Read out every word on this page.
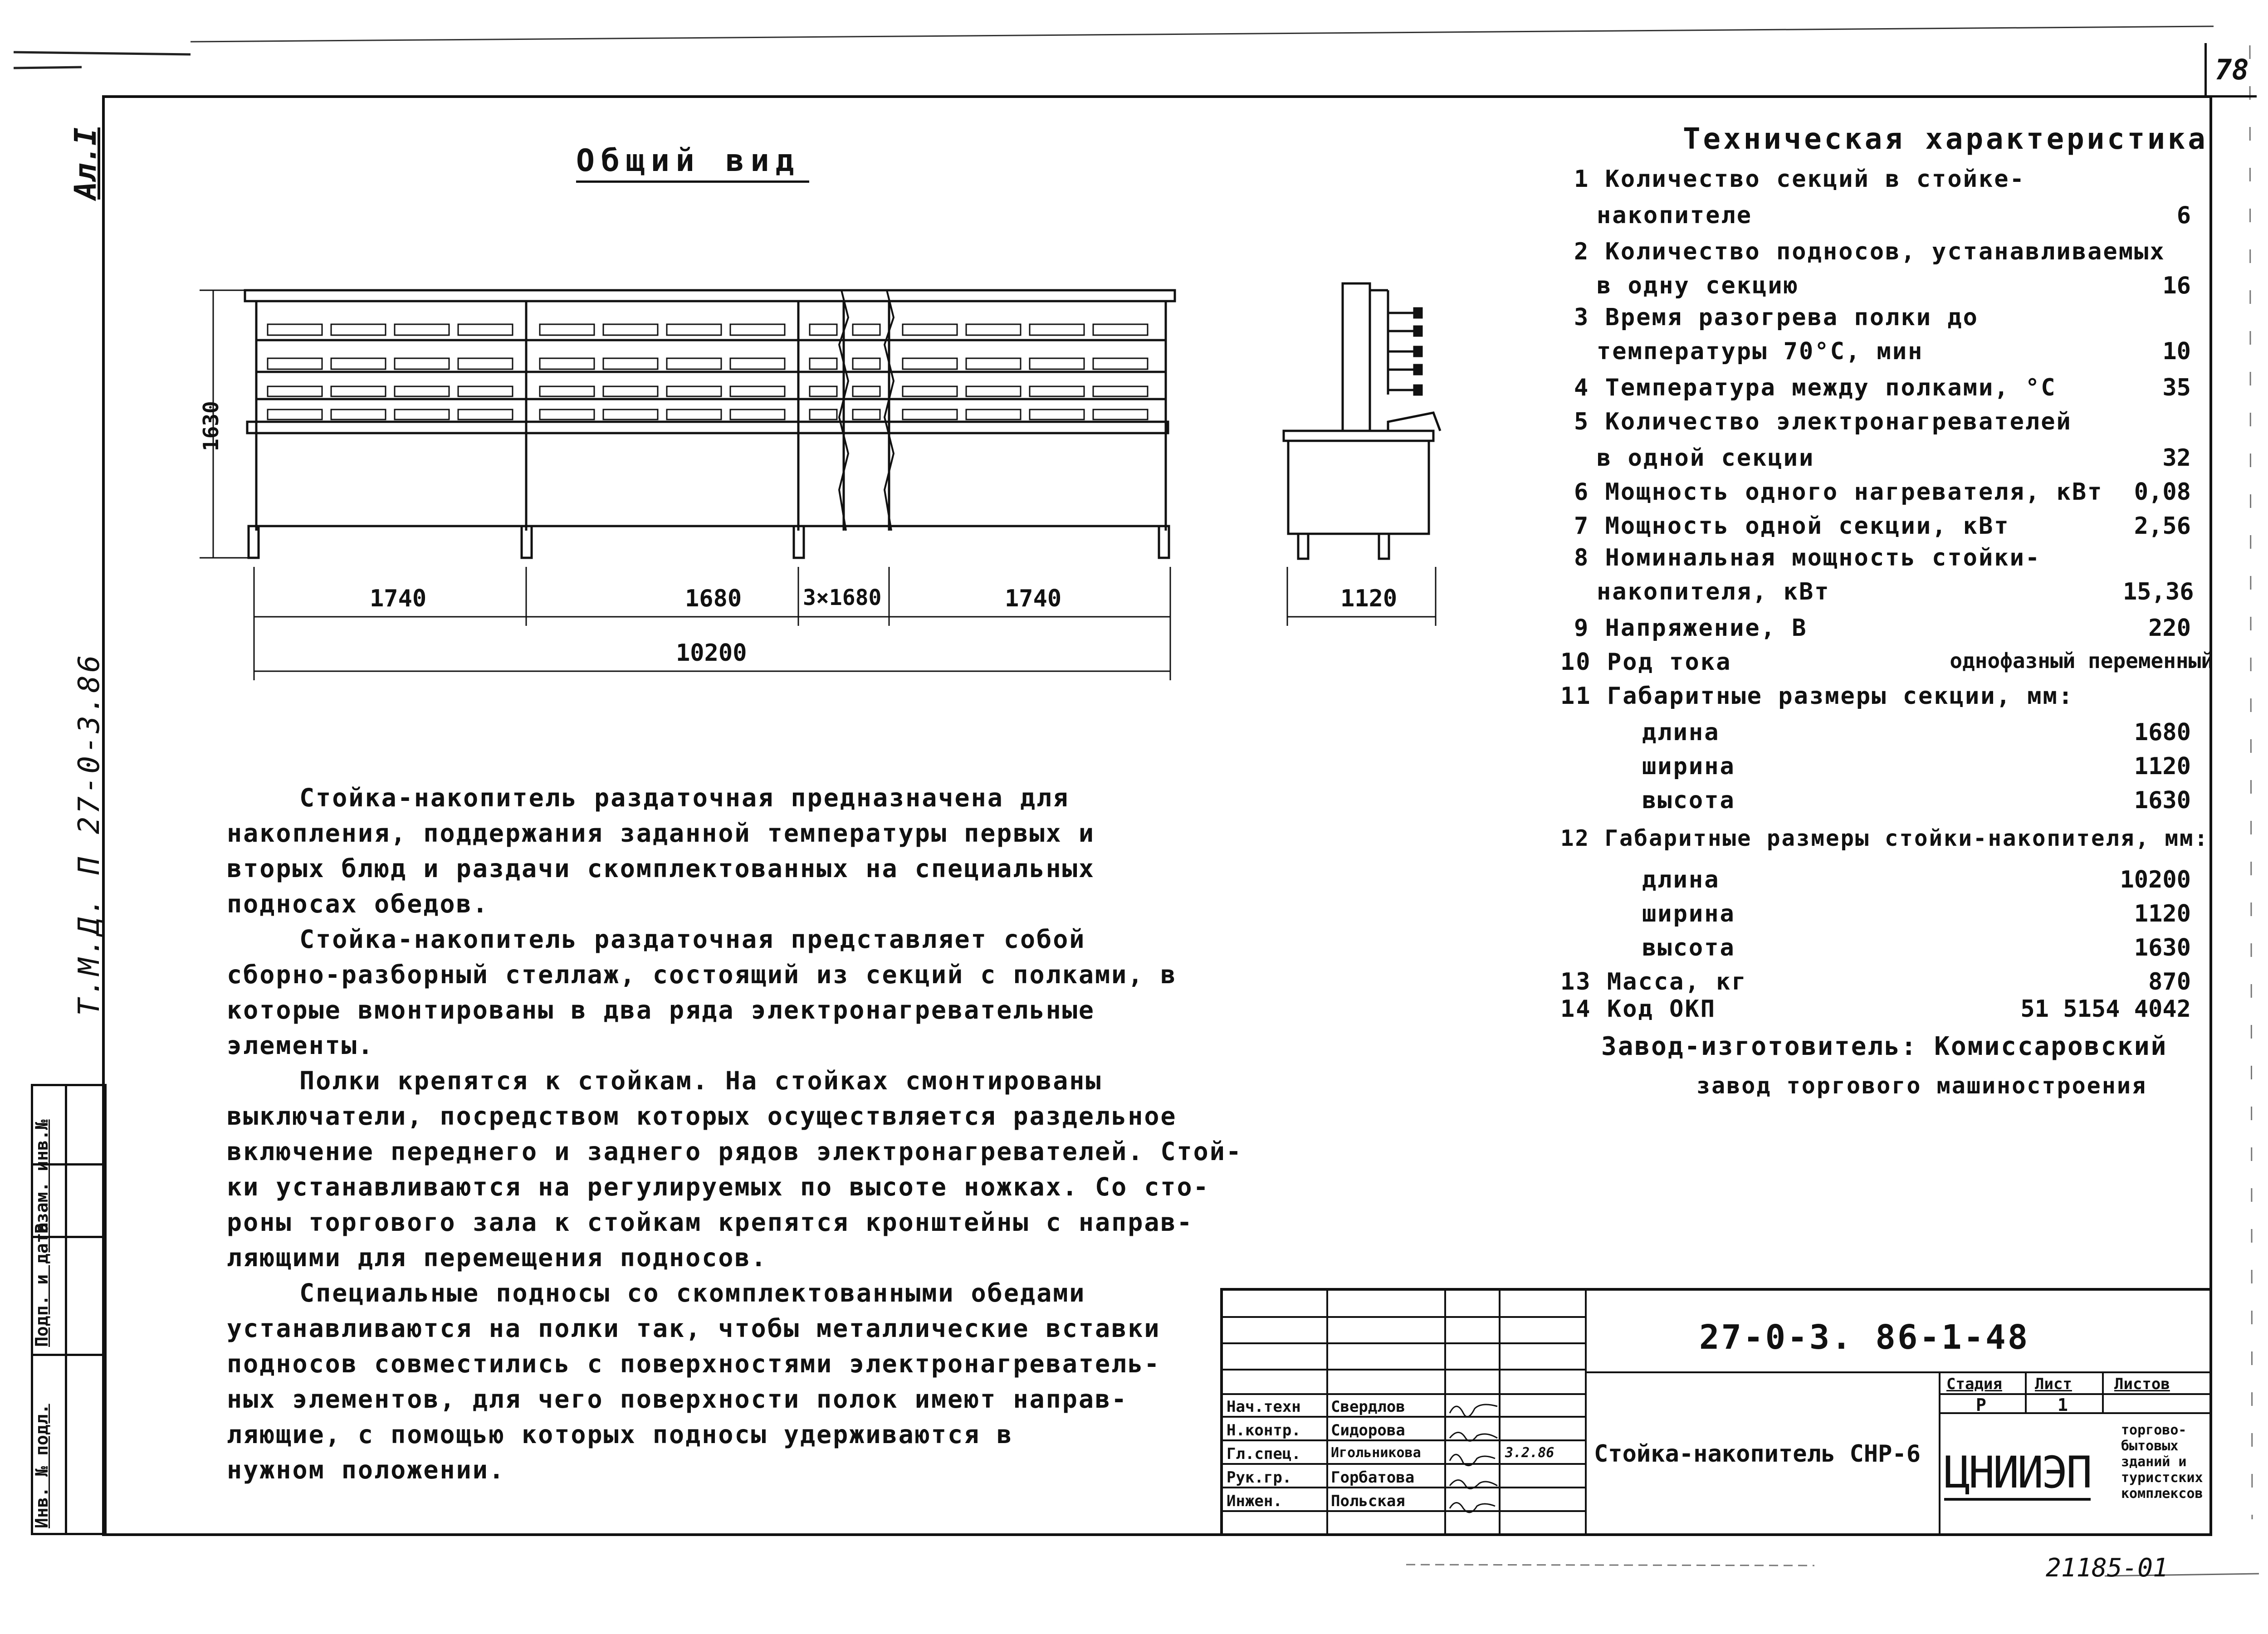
78
Ал.I
Т.М.Д. П 27-0-3.86
Инв. № подл.
Подп. и дата
Взам. инв.№
Общий вид
1630
1740	1680	3×1680	1740
10200
1120
Техническая характеристика
1 Количество секций в стойке-
накопителе	6
2 Количество подносов, устанавливаемых
в одну секцию	16
3 Время разогрева полки до
температуры 70°С, мин	10
4 Температура между полками, °С	35
5 Количество электронагревателей
в одной секции	32
6 Мощность одного нагревателя, кВт 0,08
7 Мощность одной секции, кВт	2,56
8 Номинальная мощность стойки-
накопителя, кВт	15,36
9 Напряжение, В	220
10 Род тока	однофазный переменный
11 Габаритные размеры секции, мм:
длина	1680
ширина	1120
высота	1630
12 Габаритные размеры стойки-накопителя, мм:
длина	10200
ширина	1120
высота	1630
13 Масса, кг	870
14 Код ОКП	51 5154 4042
Завод-изготовитель: Комиссаровский
завод торгового машиностроения
Стойка-накопитель раздаточная предназначена для
накопления, поддержания заданной температуры первых и
вторых блюд и раздачи скомплектованных на специальных
подносах обедов.
Стойка-накопитель раздаточная представляет собой
сборно-разборный стеллаж, состоящий из секций с полками, в
которые вмонтированы в два ряда электронагревательные
элементы.
Полки крепятся к стойкам. На стойках смонтированы
выключатели, посредством которых осуществляется раздельное
включение переднего и заднего рядов электронагревателей. Стой-
ки устанавливаются на регулируемых по высоте ножках. Со сто-
роны торгового зала к стойкам крепятся кронштейны с направ-
ляющими для перемещения подносов.
Специальные подносы со скомплектованными обедами
устанавливаются на полки так, чтобы металлические вставки
подносов совместились с поверхностями электронагреватель-
ных элементов, для чего поверхности полок имеют направ-
ляющие, с помощью которых подносы удерживаются в
нужном положении.
Нач.техн Свердлов
Н.контр. Сидорова
Гл.спец. Игольникова	3.2.86
Рук.гр.	Горбатова
Инжен.	Польская
27-0-3. 86-1-48
Стойка-накопитель СНР-6
Стадия Лист	Листов
Р	1
ЦНИИЭП
торгово-
бытовых
зданий и
туристских
комплексов
21185-01
